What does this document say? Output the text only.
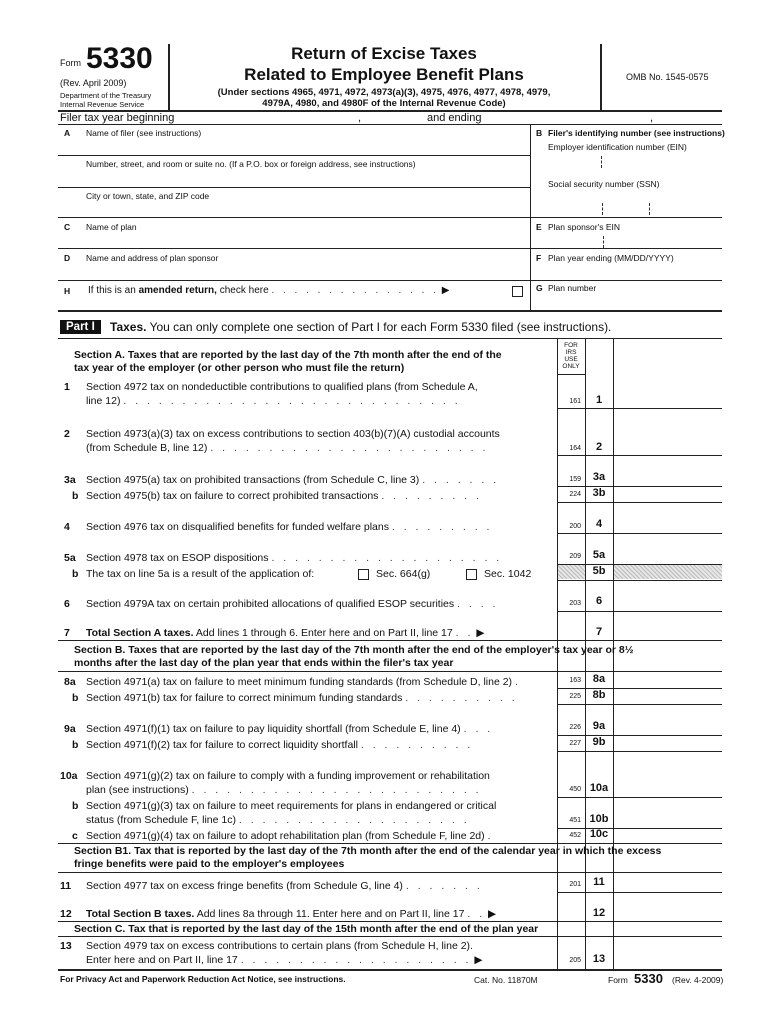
Form 5330
(Rev. April 2009)
Department of the Treasury
Internal Revenue Service
Return of Excise Taxes
Related to Employee Benefit Plans
(Under sections 4965, 4971, 4972, 4973(a)(3), 4975, 4976, 4977, 4978, 4979,
4979A, 4980, and 4980F of the Internal Revenue Code)
OMB No. 1545-0575
Filer tax year beginning	,	and ending	,
A Name of filer (see instructions)
Number, street, and room or suite no. (If a P.O. box or foreign address, see instructions)
City or town, state, and ZIP code
B Filer's identifying number (see instructions)
Employer identification number (EIN)
Social security number (SSN)
C Name of plan	E Plan sponsor's EIN
D Name and address of plan sponsor	F Plan year ending (MM/DD/YYYY)
H If this is an amended return, check here . . . . . . . . . . . . . . . ▶	G Plan number
Part I	Taxes. You can only complete one section of Part I for each Form 5330 filed (see instructions).
FOR
IRS
USE
ONLY
Section A. Taxes that are reported by the last day of the 7th month after the end of the
tax year of the employer (or other person who must file the return)
1 Section 4972 tax on nondeductible contributions to qualified plans (from Schedule A,
line 12) . . . . . . . . . . . . . . . . . . . . . . . . . . . . .	161	1
2 Section 4973(a)(3) tax on excess contributions to section 403(b)(7)(A) custodial accounts
(from Schedule B, line 12) . . . . . . . . . . . . . . . . . . . . . . . .	164	2
3a Section 4975(a) tax on prohibited transactions (from Schedule C, line 3) . . . . . . .	159	3a
b Section 4975(b) tax on failure to correct prohibited transactions . . . . . . . . .	224	3b
4 Section 4976 tax on disqualified benefits for funded welfare plans . . . . . . . . .	200	4
5a Section 4978 tax on ESOP dispositions . . . . . . . . . . . . . . . . . . . .	209	5a
b The tax on line 5a is a result of the application of:	Sec. 664(g)	Sec. 1042	5b
6 Section 4979A tax on certain prohibited allocations of qualified ESOP securities . . . .	203	6
7 Total Section A taxes. Add lines 1 through 6. Enter here and on Part II, line 17 . . ▶	7
Section B. Taxes that are reported by the last day of the 7th month after the end of the employer's tax year or 8½
months after the last day of the plan year that ends within the filer's tax year
8a Section 4971(a) tax on failure to meet minimum funding standards (from Schedule D, line 2) .	163	8a
b Section 4971(b) tax for failure to correct minimum funding standards . . . . . . . . . .	225	8b
9a Section 4971(f)(1) tax on failure to pay liquidity shortfall (from Schedule E, line 4) . . .	226	9a
b Section 4971(f)(2) tax for failure to correct liquidity shortfall . . . . . . . . . .	227	9b
10a Section 4971(g)(2) tax on failure to comply with a funding improvement or rehabilitation
plan (see instructions) . . . . . . . . . . . . . . . . . . . . . . . . .	450 10a
b Section 4971(g)(3) tax on failure to meet requirements for plans in endangered or critical
status (from Schedule F, line 1c) . . . . . . . . . . . . . . . . . . . .	451 10b
c Section 4971(g)(4) tax on failure to adopt rehabilitation plan (from Schedule F, line 2d) .	452 10c
Section B1. Tax that is reported by the last day of the 7th month after the end of the calendar year in which the excess
fringe benefits were paid to the employer's employees
11 Section 4977 tax on excess fringe benefits (from Schedule G, line 4) . . . . . . .	201	11
12 Total Section B taxes. Add lines 8a through 11. Enter here and on Part II, line 17 . . ▶	12
Section C. Tax that is reported by the last day of the 15th month after the end of the plan year
13 Section 4979 tax on excess contributions to certain plans (from Schedule H, line 2).
Enter here and on Part II, line 17 . . . . . . . . . . . . . . . . . . . . ▶	205	13
For Privacy Act and Paperwork Reduction Act Notice, see instructions.	Cat. No. 11870M	Form 5330 (Rev. 4-2009)
